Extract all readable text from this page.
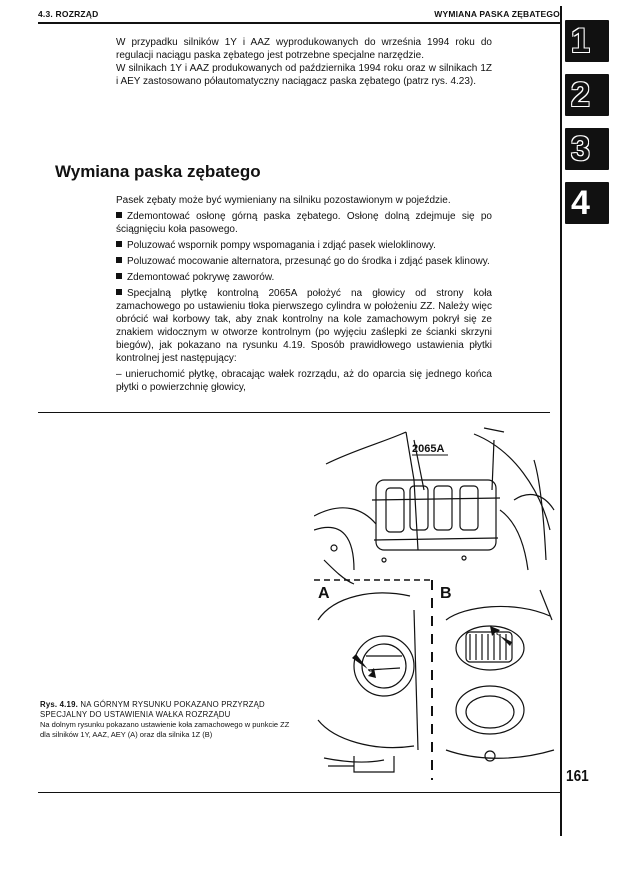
4.3. ROZRZĄD	WYMIANA PASKA ZĘBATEGO
1
2
3
4

W przypadku silników 1Y i AAZ wyprodukowanych do września 1994 roku do regulacji naciągu paska zębatego jest potrzebne specjalne narzędzie.

W silnikach 1Y i AAZ produkowanych od października 1994 roku oraz w silnikach 1Z i AEY zastosowano półautomatyczny naciągacz paska zębatego (patrz rys. 4.23).

Wymiana paska zębatego

Pasek zębaty może być wymieniany na silniku pozostawionym w pojeździe.

Zdemontować osłonę górną paska zębatego. Osłonę dolną zdejmuje się po ściągnięciu koła pasowego.

Poluzować wspornik pompy wspomagania i zdjąć pasek wieloklinowy.

Poluzować mocowanie alternatora, przesunąć go do środka i zdjąć pasek klinowy.

Zdemontować pokrywę zaworów.

Specjalną płytkę kontrolną 2065A położyć na głowicy od strony koła zamachowego po ustawieniu tłoka pierwszego cylindra w położeniu ZZ. Należy więc obrócić wał korbowy tak, aby znak kontrolny na kole zamachowym pokrył się ze znakiem widocznym w otworze kontrolnym (po wyjęciu zaślepki ze ścianki skrzyni biegów), jak pokazano na rysunku 4.19. Sposób prawidłowego ustawienia płytki kontrolnej jest następujący:

– unieruchomić płytkę, obracając wałek rozrządu, aż do oparcia się jednego końca płytki o powierzchnię głowicy,

2065A
A	B
Rys. 4.19. NA GÓRNYM RYSUNKU POKAZANO PRZYRZĄD SPECJALNY DO USTAWIENIA WAŁKA ROZRZĄDU
Na dolnym rysunku pokazano ustawienie koła zamachowego w punkcie ZZ dla silników 1Y, AAZ, AEY (A) oraz dla silnika 1Z (B)
161
